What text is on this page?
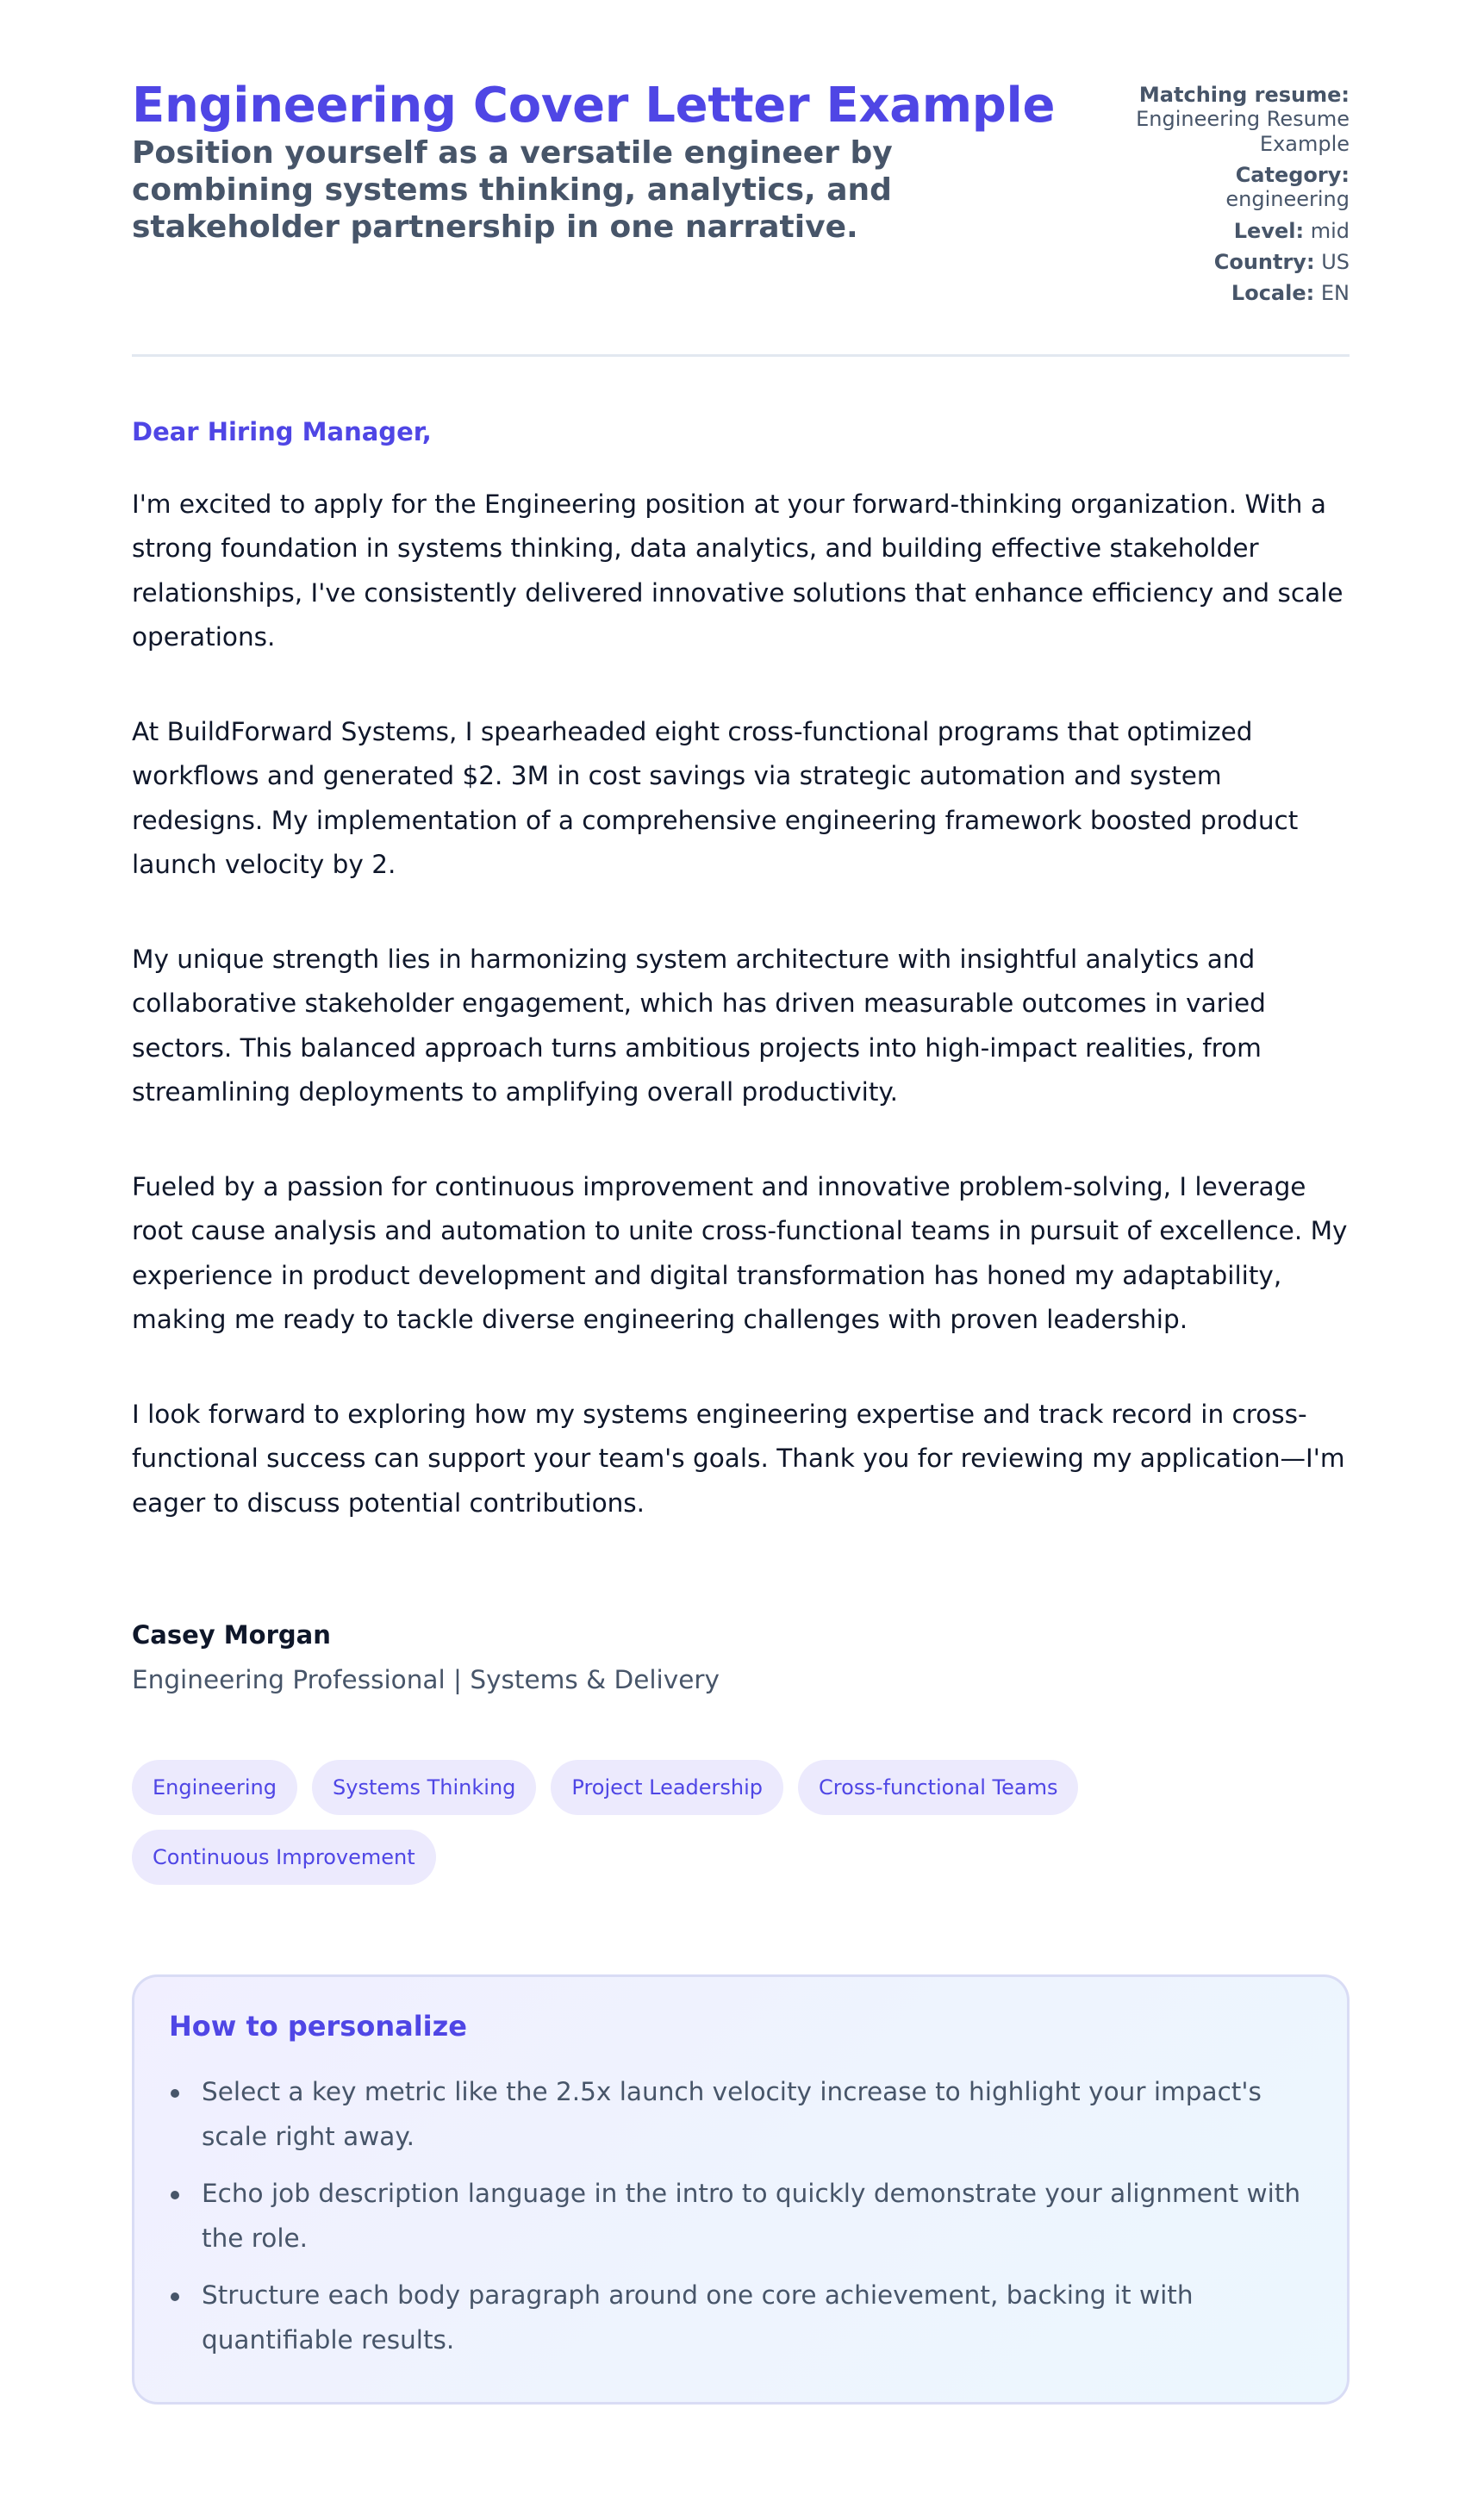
Engineering Cover Letter Example

Position yourself as a versatile engineer by combining systems thinking, analytics, and stakeholder partnership in one narrative.

Matching resume: Engineering Resume Example
Category: engineering
Level: mid
Country: US
Locale: EN

Dear Hiring Manager,

I'm excited to apply for the Engineering position at your forward-thinking organization. With a strong foundation in systems thinking, data analytics, and building effective stakeholder relationships, I've consistently delivered innovative solutions that enhance efficiency and scale operations.

At BuildForward Systems, I spearheaded eight cross-functional programs that optimized workflows and generated $2. 3M in cost savings via strategic automation and system redesigns. My implementation of a comprehensive engineering framework boosted product launch velocity by 2.

My unique strength lies in harmonizing system architecture with insightful analytics and collaborative stakeholder engagement, which has driven measurable outcomes in varied sectors. This balanced approach turns ambitious projects into high-impact realities, from streamlining deployments to amplifying overall productivity.

Fueled by a passion for continuous improvement and innovative problem-solving, I leverage root cause analysis and automation to unite cross-functional teams in pursuit of excellence. My experience in product development and digital transformation has honed my adaptability, making me ready to tackle diverse engineering challenges with proven leadership.

I look forward to exploring how my systems engineering expertise and track record in cross-functional success can support your team's goals. Thank you for reviewing my application—I'm eager to discuss potential contributions.

Casey Morgan
Engineering Professional | Systems & Delivery
Engineering	Systems Thinking	Project Leadership	Cross-functional Teams
Continuous Improvement
How to personalize
Select a key metric like the 2.5x launch velocity increase to highlight your impact's scale right away.
Echo job description language in the intro to quickly demonstrate your alignment with the role.
Structure each body paragraph around one core achievement, backing it with quantifiable results.
